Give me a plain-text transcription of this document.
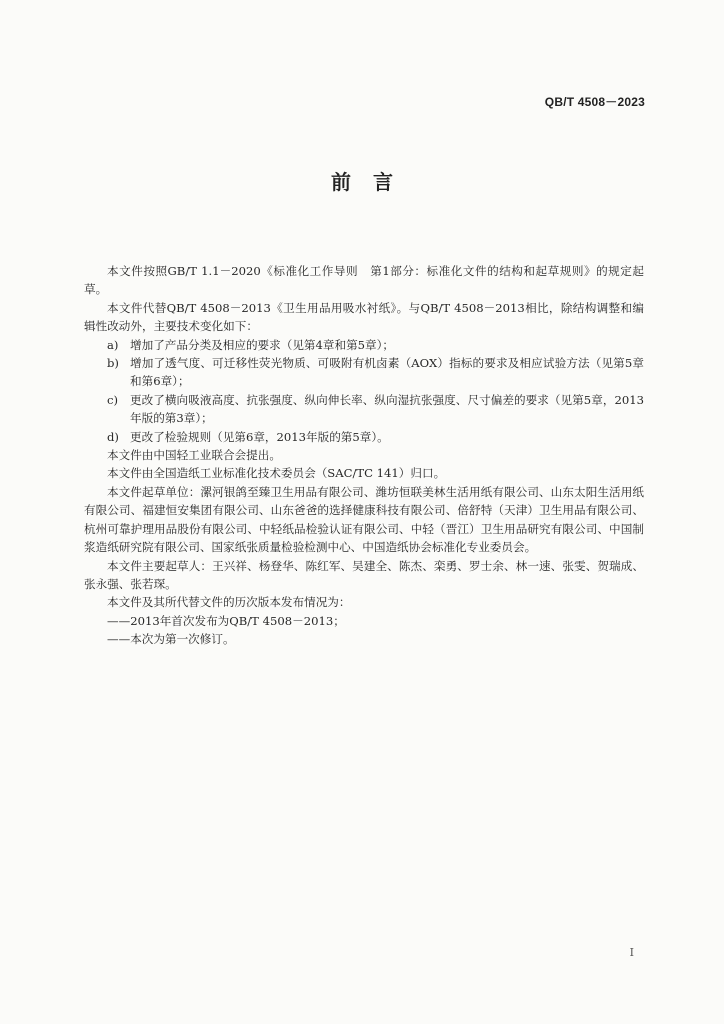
QB/T 4508－2023
前言

本文件按照GB/T 1.1－2020《标准化工作导则　第1部分：标准化文件的结构和起草规则》的规定起草。

本文件代替QB/T 4508－2013《卫生用品用吸水衬纸》。与QB/T 4508－2013相比，除结构调整和编辑性改动外，主要技术变化如下：

a) 增加了产品分类及相应的要求（见第4章和第5章）；
b) 增加了透气度、可迁移性荧光物质、可吸附有机卤素（AOX）指标的要求及相应试验方法（见第5章和第6章）；
c)	更改了横向吸液高度、抗张强度、纵向伸长率、纵向湿抗张强度、尺寸偏差的要求（见第5章，2013年版的第3章）；
d) 更改了检验规则（见第6章，2013年版的第5章）。

本文件由中国轻工业联合会提出。

本文件由全国造纸工业标准化技术委员会（SAC/TC 141）归口。

本文件起草单位：漯河银鸽至臻卫生用品有限公司、潍坊恒联美林生活用纸有限公司、山东太阳生活用纸有限公司、福建恒安集团有限公司、山东爸爸的选择健康科技有限公司、倍舒特（天津）卫生用品有限公司、杭州可靠护理用品股份有限公司、中轻纸品检验认证有限公司、中轻（晋江）卫生用品研究有限公司、中国制浆造纸研究院有限公司、国家纸张质量检验检测中心、中国造纸协会标准化专业委员会。

本文件主要起草人：王兴祥、杨登华、陈红军、吴建全、陈杰、栾勇、罗士余、林一速、张雯、贺瑞成、张永强、张若琛。

本文件及其所代替文件的历次版本发布情况为：

——2013年首次发布为QB/T 4508－2013；

——本次为第一次修订。

I
